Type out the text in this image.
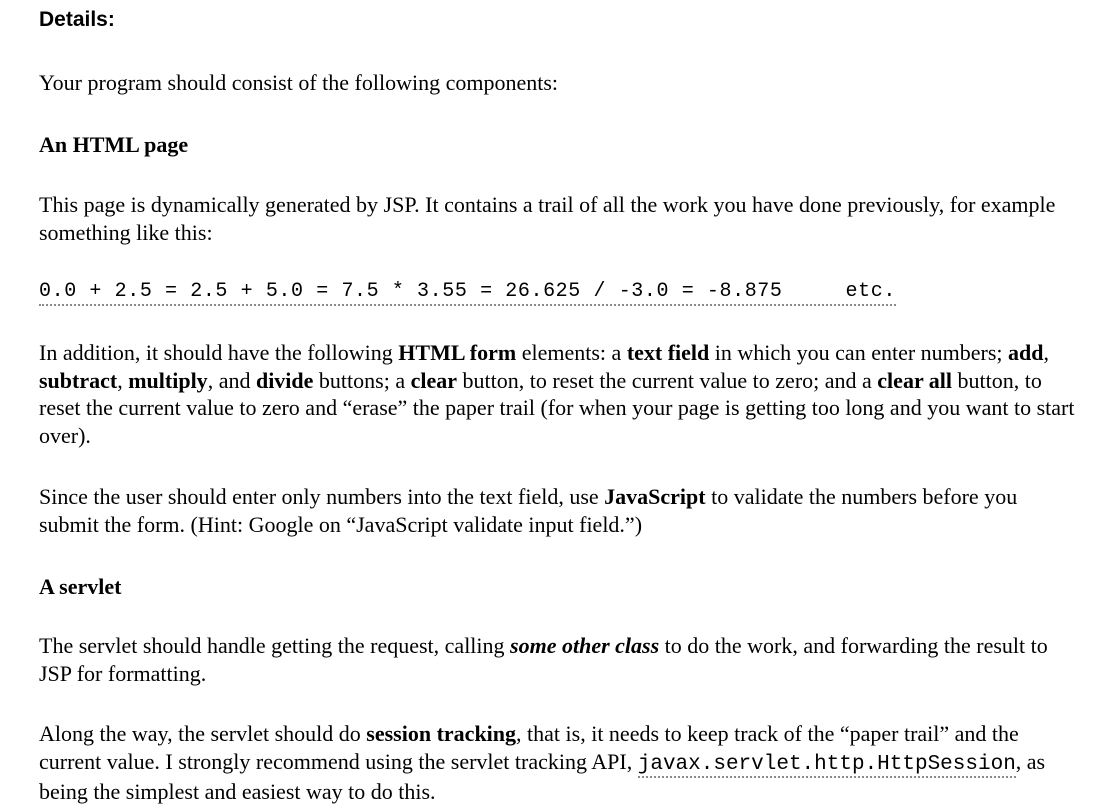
Details:

Your program should consist of the following components:

An HTML page

This page is dynamically generated by JSP. It contains a trail of all the work you have done previously, for example something like this:

0.0 + 2.5 = 2.5 + 5.0 = 7.5 * 3.55 = 26.625 / -3.0 = -8.875     etc.

In addition, it should have the following HTML form elements: a text field in which you can enter numbers; add, subtract, multiply, and divide buttons; a clear button, to reset the current value to zero; and a clear all button, to reset the current value to zero and “erase” the paper trail (for when your page is getting too long and you want to start over).

Since the user should enter only numbers into the text field, use JavaScript to validate the numbers before you submit the form. (Hint: Google on “JavaScript validate input field.”)

A servlet

The servlet should handle getting the request, calling some other class to do the work, and forwarding the result to JSP for formatting.

Along the way, the servlet should do session tracking, that is, it needs to keep track of the “paper trail” and the current value. I strongly recommend using the servlet tracking API, javax.servlet.http.HttpSession, as being the simplest and easiest way to do this.
